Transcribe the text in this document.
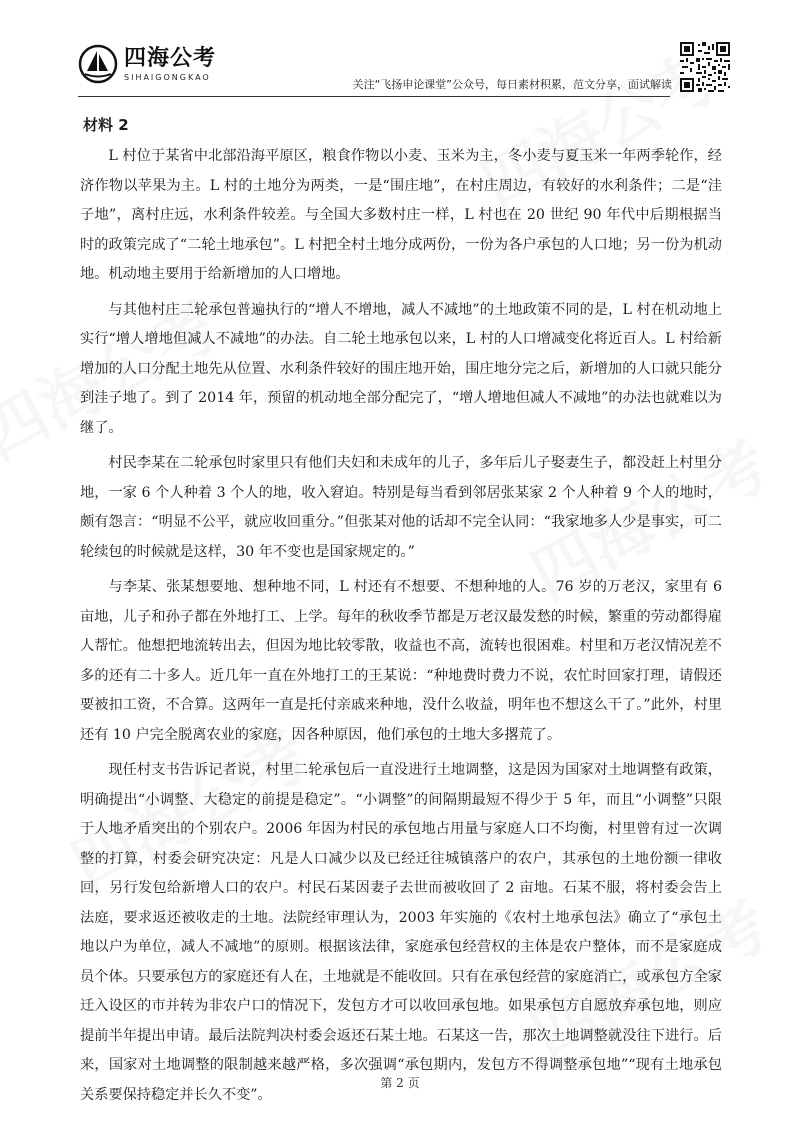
四海公考
SIHAIGONGKAO
关注“飞扬申论课堂”公众号，每日素材积累，范文分享，面试解读
材料 2

L 村位于某省中北部沿海平原区，粮食作物以小麦、玉米为主，冬小麦与夏玉米一年两季轮作，经济作物以苹果为主。L 村的土地分为两类，一是“围庄地”，在村庄周边，有较好的水利条件；二是“洼子地”，离村庄远，水利条件较差。与全国大多数村庄一样，L 村也在 20 世纪 90 年代中后期根据当时的政策完成了“二轮土地承包”。L 村把全村土地分成两份，一份为各户承包的人口地；另一份为机动地。机动地主要用于给新增加的人口增地。

与其他村庄二轮承包普遍执行的“增人不增地，减人不减地”的土地政策不同的是，L 村在机动地上实行“增人增地但减人不减地”的办法。自二轮土地承包以来，L 村的人口增减变化将近百人。L 村给新增加的人口分配土地先从位置、水利条件较好的围庄地开始，围庄地分完之后，新增加的人口就只能分到洼子地了。到了 2014 年，预留的机动地全部分配完了，“增人增地但减人不减地”的办法也就难以为继了。

村民李某在二轮承包时家里只有他们夫妇和未成年的儿子，多年后儿子娶妻生子，都没赶上村里分地，一家 6 个人种着 3 个人的地，收入窘迫。特别是每当看到邻居张某家 2 个人种着 9 个人的地时，颇有怨言：“明显不公平，就应收回重分。”但张某对他的话却不完全认同：“我家地多人少是事实，可二轮续包的时候就是这样，30 年不变也是国家规定的。”

与李某、张某想要地、想种地不同，L 村还有不想要、不想种地的人。76 岁的万老汉，家里有 6 亩地，儿子和孙子都在外地打工、上学。每年的秋收季节都是万老汉最发愁的时候，繁重的劳动都得雇人帮忙。他想把地流转出去，但因为地比较零散，收益也不高，流转也很困难。村里和万老汉情况差不多的还有二十多人。近几年一直在外地打工的王某说：“种地费时费力不说，农忙时回家打理，请假还要被扣工资，不合算。这两年一直是托付亲戚来种地，没什么收益，明年也不想这么干了。”此外，村里还有 10 户完全脱离农业的家庭，因各种原因，他们承包的土地大多撂荒了。

现任村支书告诉记者说，村里二轮承包后一直没进行土地调整，这是因为国家对土地调整有政策，明确提出“小调整、大稳定的前提是稳定”。“小调整”的间隔期最短不得少于 5 年，而且“小调整”只限于人地矛盾突出的个别农户。2006 年因为村民的承包地占用量与家庭人口不均衡，村里曾有过一次调整的打算，村委会研究决定：凡是人口减少以及已经迁往城镇落户的农户，其承包的土地份额一律收回，另行发包给新增人口的农户。村民石某因妻子去世而被收回了 2 亩地。石某不服，将村委会告上法庭，要求返还被收走的土地。法院经审理认为，2003 年实施的《农村土地承包法》确立了“承包土地以户为单位，减人不减地”的原则。根据该法律，家庭承包经营权的主体是农户整体，而不是家庭成员个体。只要承包方的家庭还有人在，土地就是不能收回。只有在承包经营的家庭消亡，或承包方全家迁入设区的市并转为非农户口的情况下，发包方才可以收回承包地。如果承包方自愿放弃承包地，则应提前半年提出申请。最后法院判决村委会返还石某土地。石某这一告，那次土地调整就没往下进行。后来，国家对土地调整的限制越来越严格，多次强调“承包期内，发包方不得调整承包地”“现有土地承包关系要保持稳定并长久不变”。

第 2 页
